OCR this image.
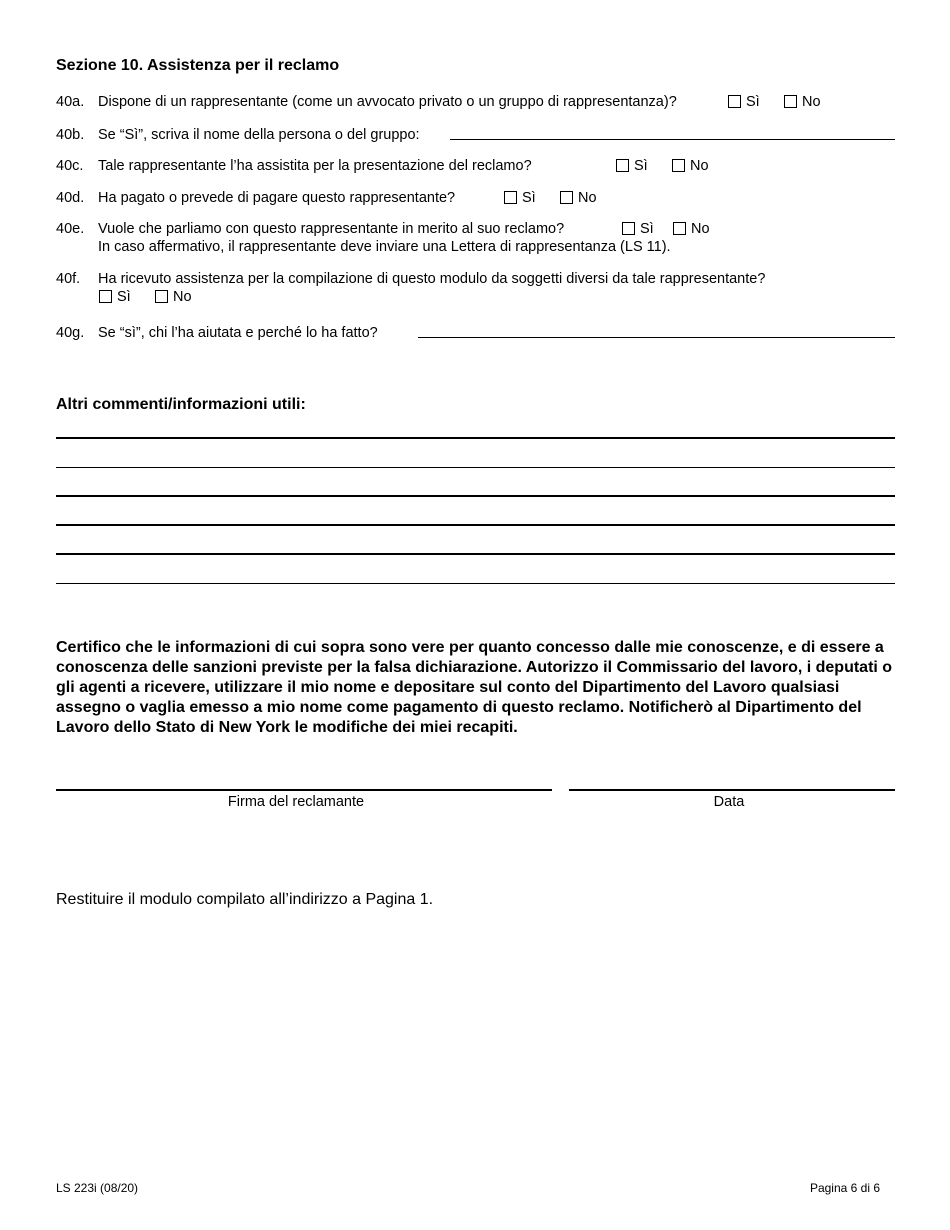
Sezione 10. Assistenza per il reclamo
40a. Dispone di un rappresentante (come un avvocato privato o un gruppo di rappresentanza)?	Sì	No
40b. Se “Sì”, scriva il nome della persona o del gruppo:
40c. Tale rappresentante l’ha assistita per la presentazione del reclamo?	Sì	No
40d. Ha pagato o prevede di pagare questo rappresentante?	Sì	No
40e. Vuole che parliamo con questo rappresentante in merito al suo reclamo?
In caso affermativo, il rappresentante deve inviare una Lettera di rappresentanza (LS 11).
Sì	No
40f. Ha ricevuto assistenza per la compilazione di questo modulo da soggetti diversi da tale rappresentante?
Sì	No
40g. Se “sì”, chi l’ha aiutata e perché lo ha fatto?
Altri commenti/informazioni utili:
Certifico che le informazioni di cui sopra sono vere per quanto concesso dalle mie conoscenze, e di essere a conoscenza delle sanzioni previste per la falsa dichiarazione. Autorizzo il Commissario del lavoro, i deputati o gli agenti a ricevere, utilizzare il mio nome e depositare sul conto del Dipartimento del Lavoro qualsiasi assegno o vaglia emesso a mio nome come pagamento di questo reclamo. Notificherò al Dipartimento del Lavoro dello Stato di New York le modifiche dei miei recapiti.
Firma del reclamante	Data
Restituire il modulo compilato all’indirizzo a Pagina 1.
LS 223i (08/20)	Pagina 6 di 6
